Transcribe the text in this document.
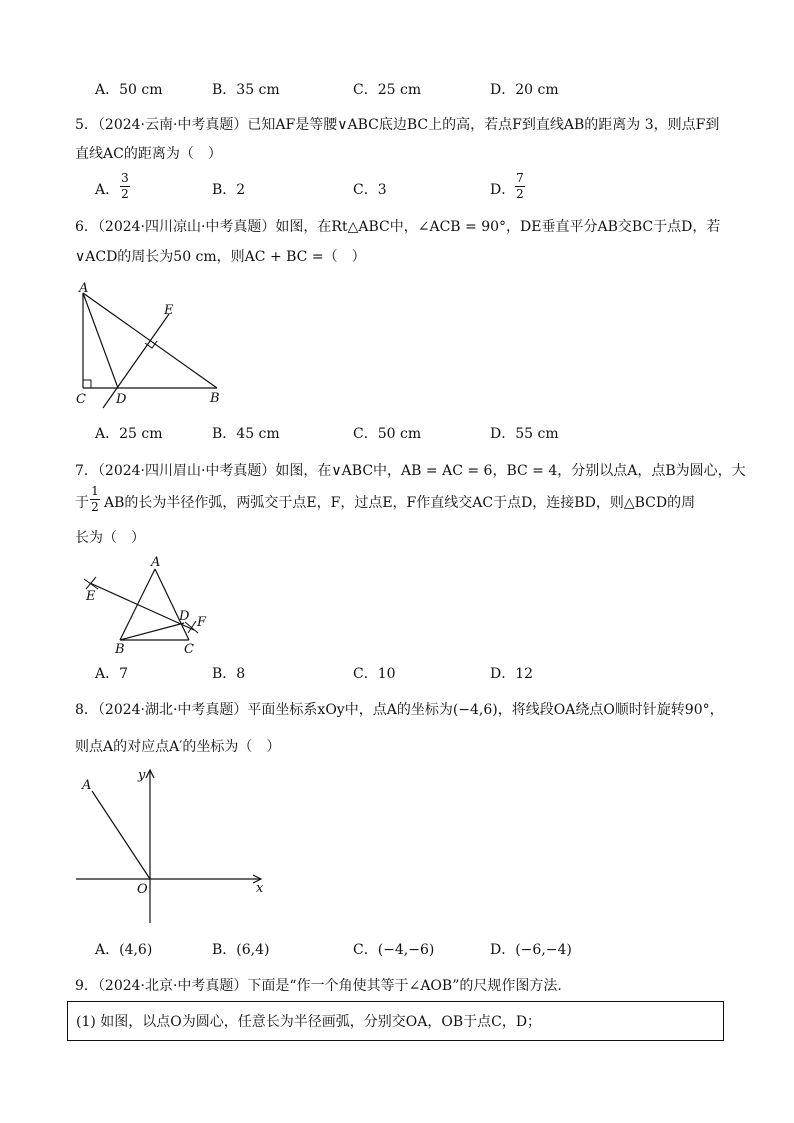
A．50 cm	B．35 cm	C．25 cm	D．20 cm
5．（2024·云南·中考真题）已知AF是等腰∨ABC底边BC上的高，若点F到直线AB的距离为 3，则点F到
直线AC的距离为（　）
A．
3
2	B．2	C．3	D．
7
2
6．（2024·四川凉山·中考真题）如图，在Rt△ABC中，∠ACB = 90°，DE垂直平分AB交BC于点D，若
∨ACD的周长为50 cm，则AC + BC =（　）
A
E
C D	B
A．25 cm	B．45 cm	C．50 cm	D．55 cm
7．（2024·四川眉山·中考真题）如图，在∨ABC中，AB = AC = 6，BC = 4，分别以点A，点B为圆心，大
于
1
2 AB的长为半径作弧，两弧交于点E，F，过点E，F作直线交AC于点D，连接BD，则△BCD的周
长为（　）
A
E
D F
B	C
A．7	B．8	C．10	D．12
8．（2024·湖北·中考真题）平面坐标系xOy中，点A的坐标为(−4,6)，将线段OA绕点O顺时针旋转90°，
则点A的对应点A′的坐标为（　）
A
y
O	x
A．(4,6)	B．(6,4)	C．(−4,−6)	D．(−6,−4)
9．（2024·北京·中考真题）下面是“作一个角使其等于∠AOB”的尺规作图方法.
(1) 如图，以点O为圆心，任意长为半径画弧，分别交OA，OB于点C，D；
